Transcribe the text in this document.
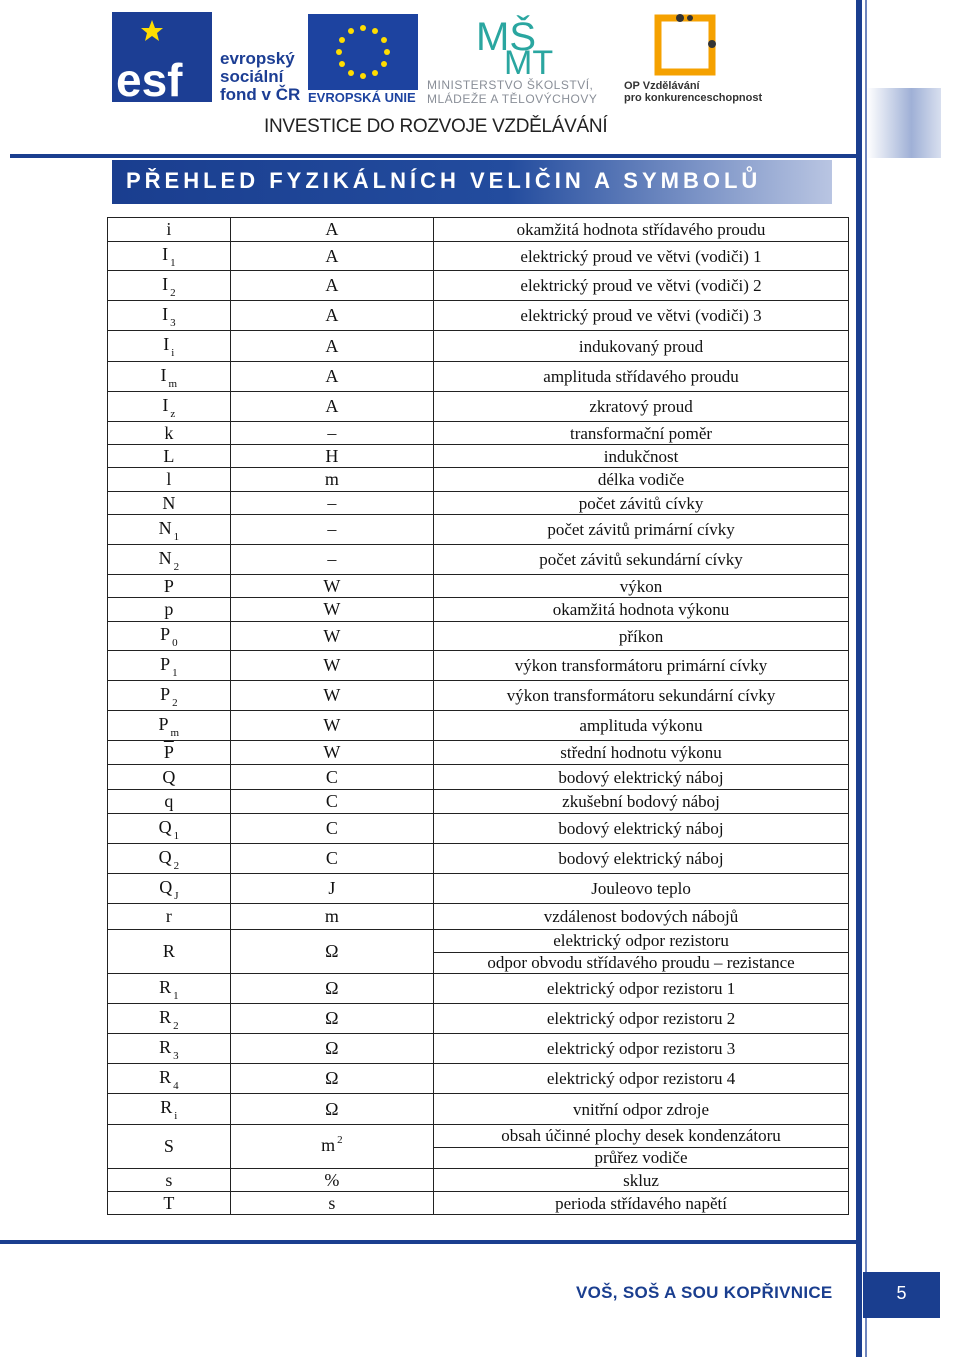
esf evropský
sociální
fond v ČR EVROPSKÁ UNIE
MŠ
MT
MINISTERSTVO ŠKOLSTVÍ,
MLÁDEŽE A TĚLOVÝCHOVY
OP Vzdělávání
pro konkurenceschopnost
INVESTICE DO ROZVOJE VZDĚLÁVÁNÍ
PŘEHLED FYZIKÁLNÍCH VELIČIN A SYMBOLŮ
i	A	okamžitá hodnota střídavého proudu

I $_1$	A	elektrický proud ve větvi (vodiči) 1

I $_2$	A	elektrický proud ve větvi (vodiči) 2

I $_3$	A	elektrický proud ve větvi (vodiči) 3

I $_i$	A	indukovaný proud

I $_m$	A	amplituda střídavého proudu

I $_z$	A	zkratový proud

k	–	transformační poměr

L	H	indukčnost

l	m	délka vodiče

N	–	počet závitů cívky

N $_1$	–	počet závitů primární cívky

N $_2$	–	počet závitů sekundární cívky

P	W	výkon

p	W	okamžitá hodnota výkonu

P $_0$	W	příkon

P $_1$	W	výkon transformátoru primární cívky

P $_2$	W	výkon transformátoru sekundární cívky

P $_m$	W	amplituda výkonu

$\overline{P}$	W	střední hodnotu výkonu

Q	C	bodový elektrický náboj

q	C	zkušební bodový náboj

Q $_1$	C	bodový elektrický náboj

Q $_2$	C	bodový elektrický náboj

Q $_J$	J	Jouleovo teplo

r	m	vzdálenost bodových nábojů

R	Ω	elektrický odpor rezistoru
odpor obvodu střídavého proudu – rezistance

R $_1$	Ω	elektrický odpor rezistoru 1

R $_2$	Ω	elektrický odpor rezistoru 2

R $_3$	Ω	elektrický odpor rezistoru 3

R $_4$	Ω	elektrický odpor rezistoru 4

R $_i$	Ω	vnitřní odpor zdroje

S	m $^2$	obsah účinné plochy desek kondenzátoru
průřez vodiče

s	%	skluz

T	s	perioda střídavého napětí
VOŠ, SOŠ A SOU KOPŘIVNICE	5
